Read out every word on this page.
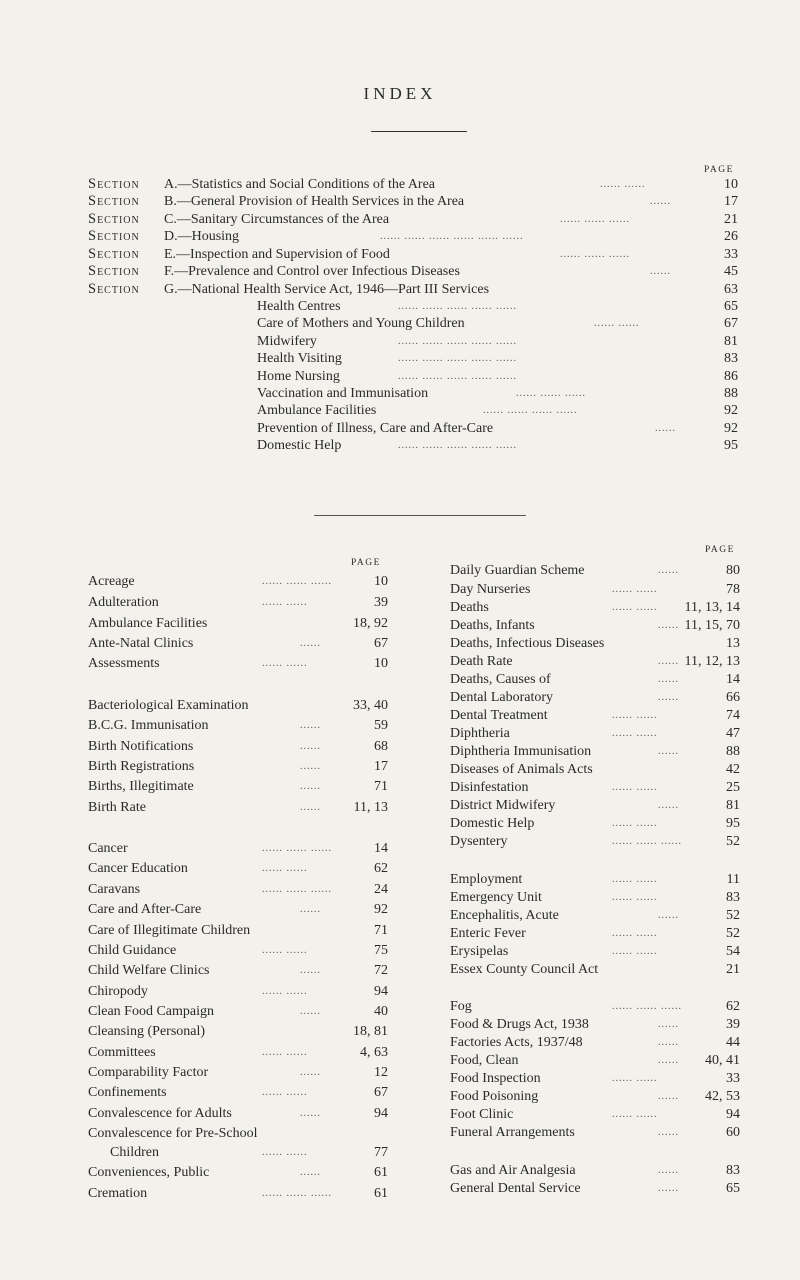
INDEX
PAGE
Section A.—Statistics and Social Conditions of the Area	...... ......	10
Section B.—General Provision of Health Services in the Area	......	17
Section C.—Sanitary Circumstances of the Area	...... ...... ......	21
Section D.—Housing	...... ...... ...... ...... ...... ......	26
Section E.—Inspection and Supervision of Food	...... ...... ......	33
Section F.—Prevalence and Control over Infectious Diseases	......	45
Section G.—National Health Service Act, 1946—Part III Services	63
Health Centres	...... ...... ...... ...... ......	65
Care of Mothers and Young Children	...... ......	67
Midwifery	...... ...... ...... ...... ......	81
Health Visiting	...... ...... ...... ...... ......	83
Home Nursing	...... ...... ...... ...... ......	86
Vaccination and Immunisation	...... ...... ......	88
Ambulance Facilities	...... ...... ...... ......	92
Prevention of Illness, Care and After-Care	......	92
Domestic Help	...... ...... ...... ...... ......	95
PAGE
PAGE
Acreage	...... ...... ......	10
Adulteration	...... ......	39
Ambulance Facilities	18, 92
Ante-Natal Clinics	......	67
Assessments	...... ......	10
Bacteriological Examination	33, 40
B.C.G. Immunisation	......	59
Birth Notifications	......	68
Birth Registrations	......	17
Births, Illegitimate	......	71
Birth Rate	......	11, 13
Cancer	...... ...... ......	14
Cancer Education	...... ......	62
Caravans	...... ...... ......	24
Care and After-Care	......	92
Care of Illegitimate Children	71
Child Guidance	...... ......	75
Child Welfare Clinics	......	72
Chiropody	...... ......	94
Clean Food Campaign	......	40
Cleansing (Personal)	18, 81
Committees	...... ......	4, 63
Comparability Factor	......	12
Confinements	...... ......	67
Convalescence for Adults	......	94
Convalescence for Pre-School
Children	...... ......	77
Conveniences, Public	......	61
Cremation	...... ...... ......	61
Daily Guardian Scheme	......	80
Day Nurseries	...... ......	78
Deaths	...... ......	11, 13, 14
Deaths, Infants	...... 11, 15, 70
Deaths, Infectious Diseases	13
Death Rate	...... 11, 12, 13
Deaths, Causes of	......	14
Dental Laboratory	......	66
Dental Treatment	...... ......	74
Diphtheria	...... ......	47
Diphtheria Immunisation	......	88
Diseases of Animals Acts	42
Disinfestation	...... ......	25
District Midwifery	......	81
Domestic Help	...... ......	95
Dysentery	...... ...... ......	52
Employment	...... ......	11
Emergency Unit	...... ......	83
Encephalitis, Acute	......	52
Enteric Fever	...... ......	52
Erysipelas	...... ......	54
Essex County Council Act	21
Fog	...... ...... ......	62
Food & Drugs Act, 1938	......	39
Factories Acts, 1937/48	......	44
Food, Clean	......	40, 41
Food Inspection	...... ......	33
Food Poisoning	......	42, 53
Foot Clinic	...... ......	94
Funeral Arrangements	......	60
Gas and Air Analgesia	......	83
General Dental Service	......	65
